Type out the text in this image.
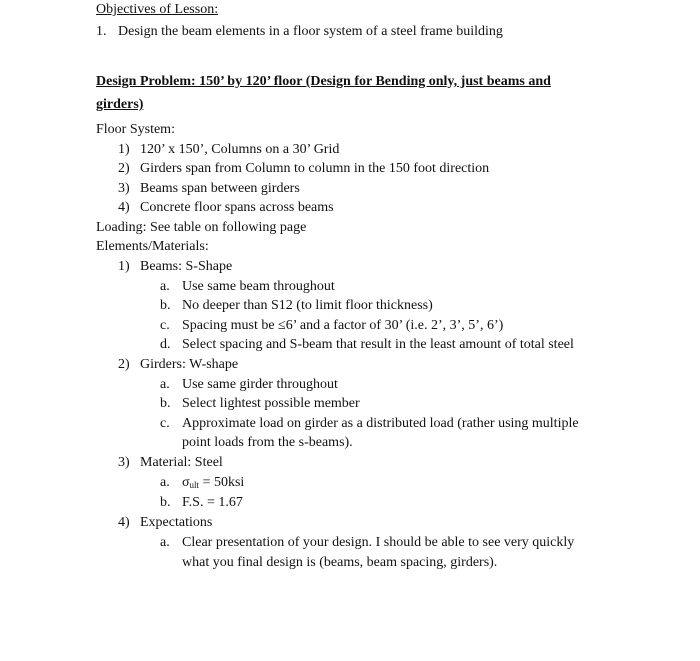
Objectives of Lesson:
1. Design the beam elements in a floor system of a steel frame building
Design Problem: 150’ by 120’ floor (Design for Bending only, just beams and
girders)
Floor System:
1) 120’ x 150’, Columns on a 30’ Grid
2) Girders span from Column to column in the 150 foot direction
3) Beams span between girders
4) Concrete floor spans across beams
Loading: See table on following page
Elements/Materials:
1) Beams: S-Shape
a. Use same beam throughout
b. No deeper than S12 (to limit floor thickness)
c. Spacing must be ≤6’ and a factor of 30’ (i.e. 2’, 3’, 5’, 6’)
d. Select spacing and S-beam that result in the least amount of total steel
2) Girders: W-shape
a. Use same girder throughout
b. Select lightest possible member
c. Approximate load on girder as a distributed load (rather using multiple
point loads from the s-beams).
3) Material: Steel
a. $\sigma_{ult} = 50ksi$
b. F.S. = 1.67
4) Expectations
a. Clear presentation of your design. I should be able to see very quickly
what you final design is (beams, beam spacing, girders).
